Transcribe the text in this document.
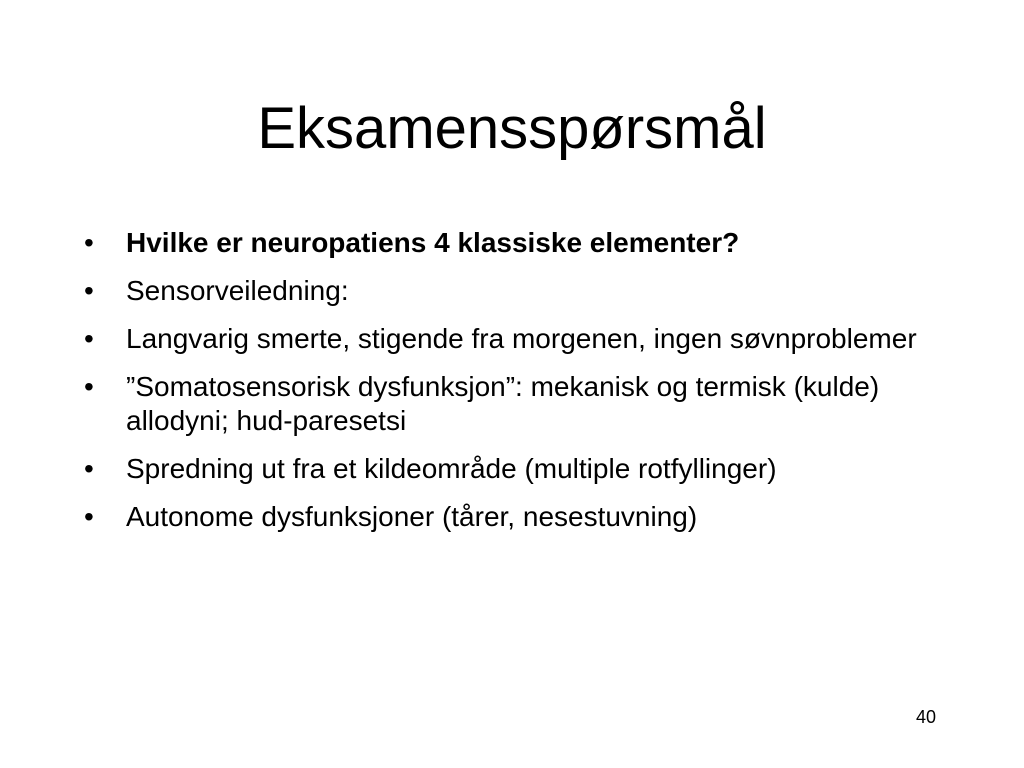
Eksamensspørsmål
•	Hvilke er neuropatiens 4 klassiske elementer?
•	Sensorveiledning:
•	Langvarig smerte, stigende fra morgenen, ingen søvnproblemer
•	”Somatosensorisk dysfunksjon”: mekanisk og termisk (kulde) allodyni; hud-paresetsi
•	Spredning ut fra et kildeområde (multiple rotfyllinger)
•	Autonome dysfunksjoner (tårer, nesestuvning)
40
